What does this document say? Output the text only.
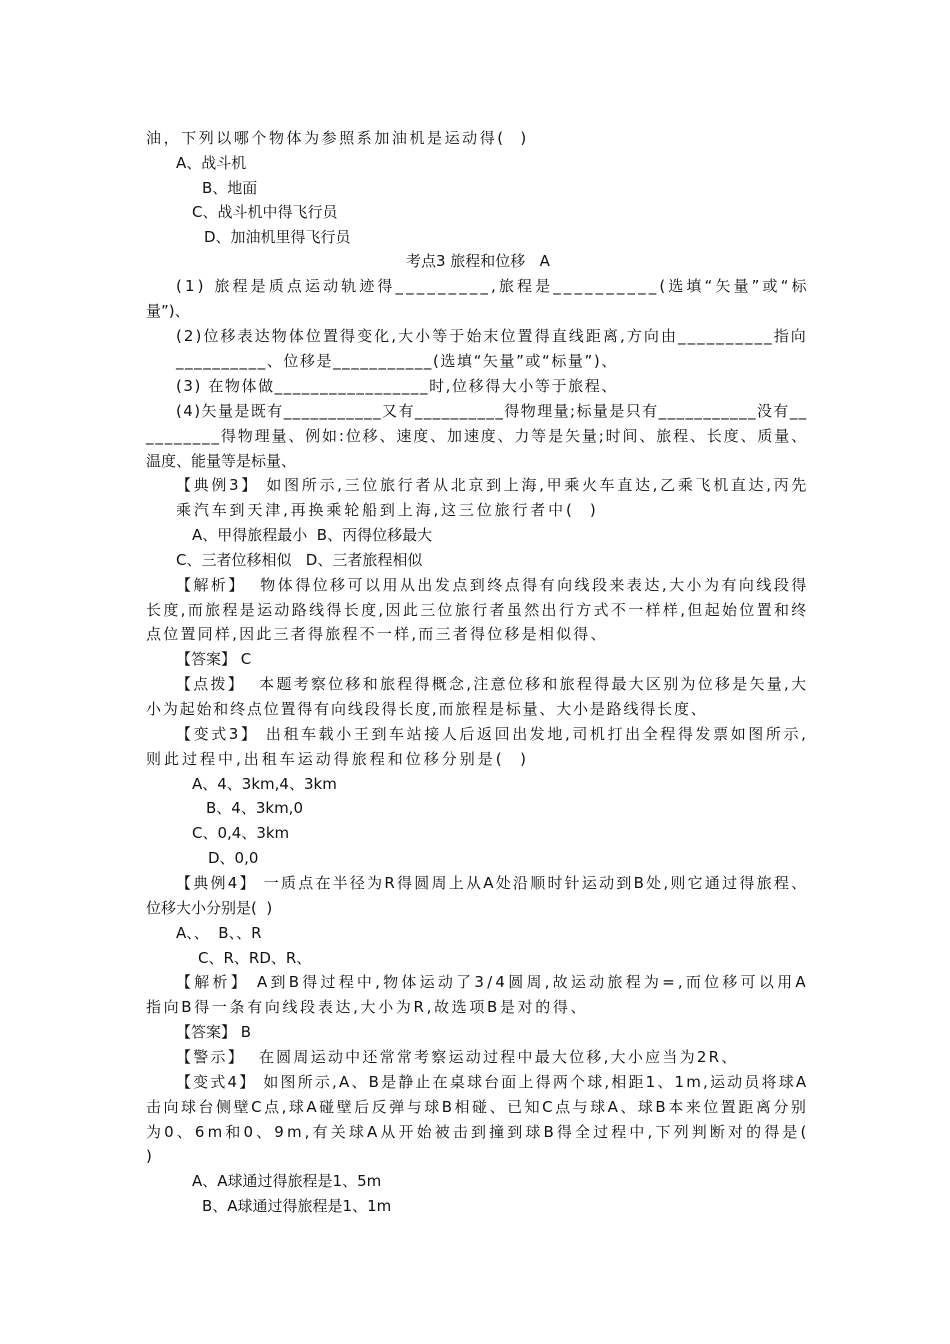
油，下列以哪个物体为参照系加油机是运动得(  )
A、战斗机
B、地面
C、战斗机中得飞行员
D、加油机里得飞行员
考点3 旅程和位移   A
(1) 旅程是质点运动轨迹得_________,旅程是__________(选填“矢量”或“标
量”)、
(2)位移表达物体位置得变化,大小等于始末位置得直线距离,方向由__________指向
__________、位移是___________(选填“矢量”或“标量”)、
(3) 在物体做_________________时,位移得大小等于旅程、
(4)矢量是既有___________又有__________得物理量;标量是只有___________没有__
________得物理量、例如:位移、速度、加速度、力等是矢量;时间、旅程、长度、质量、
温度、能量等是标量、
【典例3】 如图所示,三位旅行者从北京到上海,甲乘火车直达,乙乘飞机直达,丙先
乘汽车到天津,再换乘轮船到上海,这三位旅行者中(  )
A、甲得旅程最小  B、丙得位移最大
C、三者位移相似   D、三者旅程相似
【解析】  物体得位移可以用从出发点到终点得有向线段来表达,大小为有向线段得
长度,而旅程是运动路线得长度,因此三位旅行者虽然出行方式不一样样,但起始位置和终
点位置同样,因此三者得旅程不一样,而三者得位移是相似得、
【答案】 C
【点拨】  本题考察位移和旅程得概念,注意位移和旅程得最大区别为位移是矢量,大
小为起始和终点位置得有向线段得长度,而旅程是标量、大小是路线得长度、
【变式3】 出租车载小王到车站接人后返回出发地,司机打出全程得发票如图所示,
则此过程中,出租车运动得旅程和位移分别是(  )
A、4、3km,4、3km
B、4、3km,0
C、0,4、3km
D、0,0
【典例4】 一质点在半径为R得圆周上从A处沿顺时针运动到B处,则它通过得旅程、
位移大小分别是(  )
A、、  B、、R
C、R、RD、R、
【解析】 A到B得过程中,物体运动了3/4圆周,故运动旅程为=,而位移可以用A
指向B得一条有向线段表达,大小为R,故选项B是对的得、
【答案】 B
【警示】  在圆周运动中还常常考察运动过程中最大位移,大小应当为2R、
【变式4】 如图所示,A、B是静止在桌球台面上得两个球,相距1、1m,运动员将球A
击向球台侧壁C点,球A碰壁后反弹与球B相碰、已知C点与球A、球B本来位置距离分别
为0、6m和0、9m,有关球A从开始被击到撞到球B得全过程中,下列判断对的得是(
)
A、A球通过得旅程是1、5m
B、A球通过得旅程是1、1m
